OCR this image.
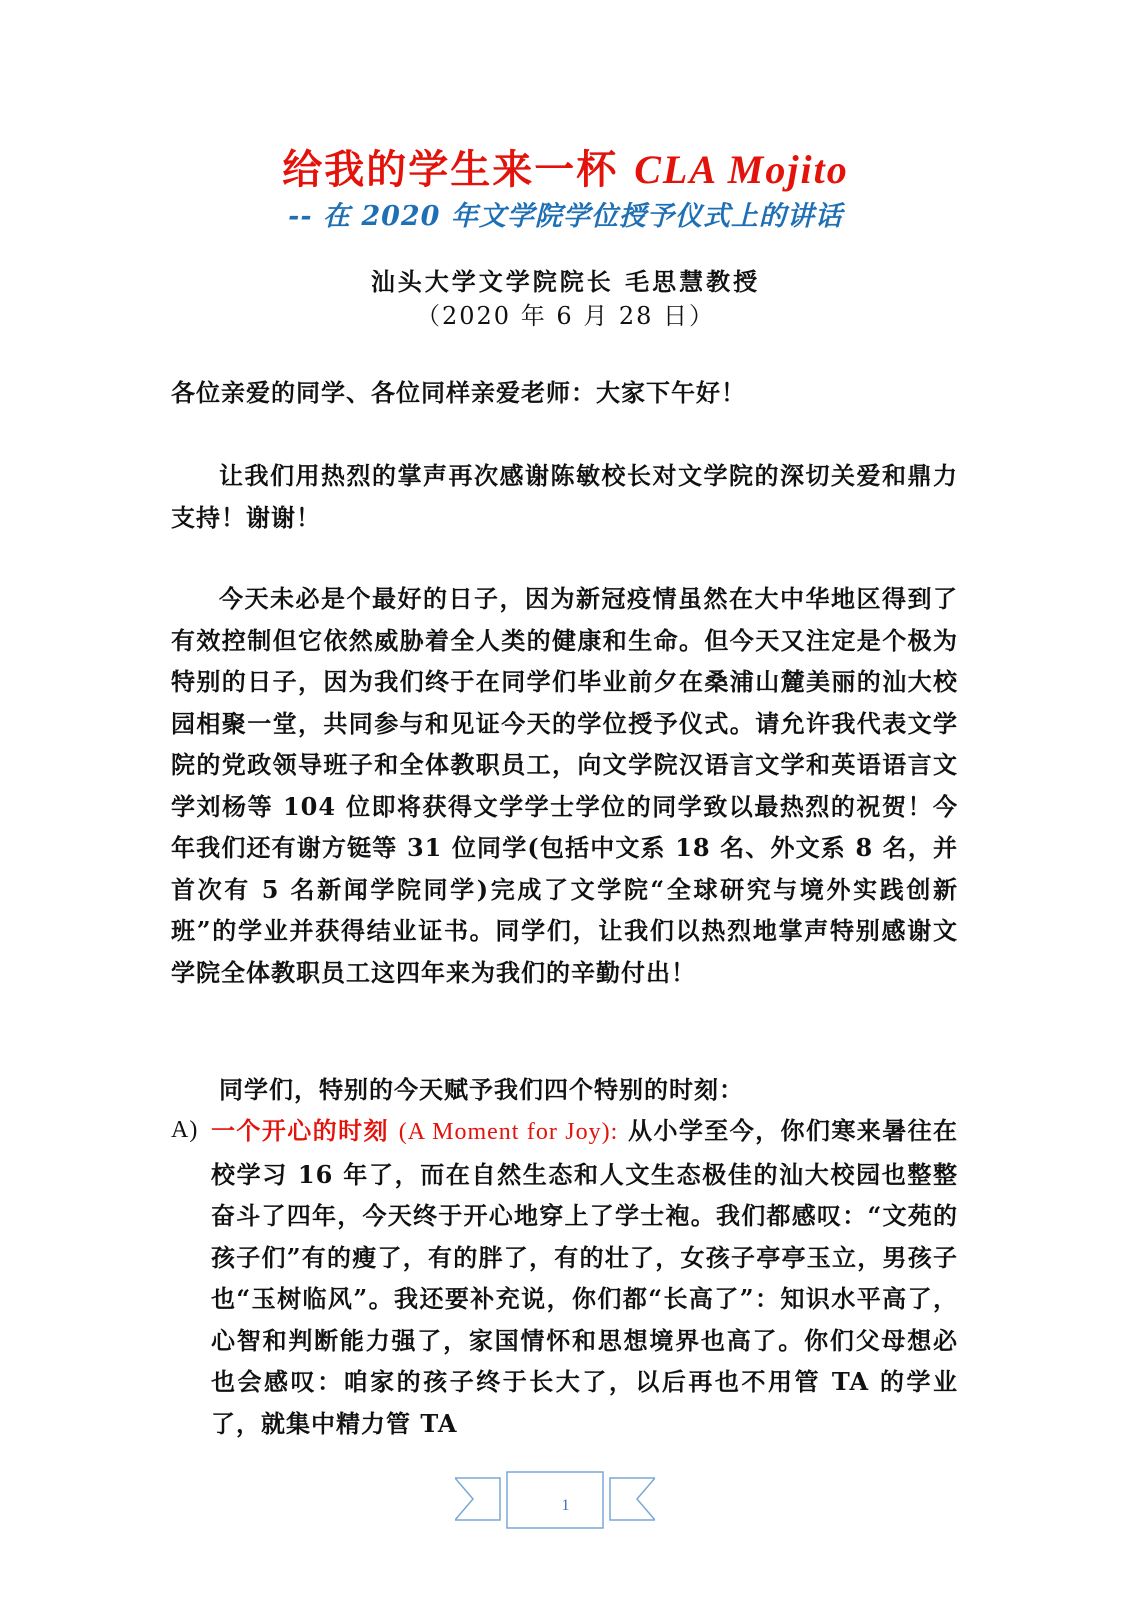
给我的学生来一杯 CLA Mojito
-- 在 2020 年文学院学位授予仪式上的讲话
汕头大学文学院院长 毛思慧教授
（2020 年 6 月 28 日）
各位亲爱的同学、各位同样亲爱老师：大家下午好！
让我们用热烈的掌声再次感谢陈敏校长对文学院的深切关爱和鼎力支持！谢谢！
今天未必是个最好的日子，因为新冠疫情虽然在大中华地区得到了有效控制但它依然威胁着全人类的健康和生命。但今天又注定是个极为特别的日子，因为我们终于在同学们毕业前夕在桑浦山麓美丽的汕大校园相聚一堂，共同参与和见证今天的学位授予仪式。请允许我代表文学院的党政领导班子和全体教职员工，向文学院汉语言文学和英语语言文学刘杨等 104 位即将获得文学学士学位的同学致以最热烈的祝贺！今年我们还有谢方铤等 31 位同学(包括中文系 18 名、外文系 8 名，并首次有 5 名新闻学院同学)完成了文学院“全球研究与境外实践创新班”的学业并获得结业证书。同学们，让我们以热烈地掌声特别感谢文学院全体教职员工这四年来为我们的辛勤付出！
同学们，特别的今天赋予我们四个特别的时刻：
A) 一个开心的时刻 (A Moment for Joy): 从小学至今，你们寒来暑往在校学习 16 年了，而在自然生态和人文生态极佳的汕大校园也整整奋斗了四年，今天终于开心地穿上了学士袍。我们都感叹：“文苑的孩子们”有的瘦了，有的胖了，有的壮了，女孩子亭亭玉立，男孩子也“玉树临风”。我还要补充说，你们都“长高了”：知识水平高了，心智和判断能力强了，家国情怀和思想境界也高了。你们父母想必也会感叹：咱家的孩子终于长大了，以后再也不用管 TA 的学业了，就集中精力管 TA
1
